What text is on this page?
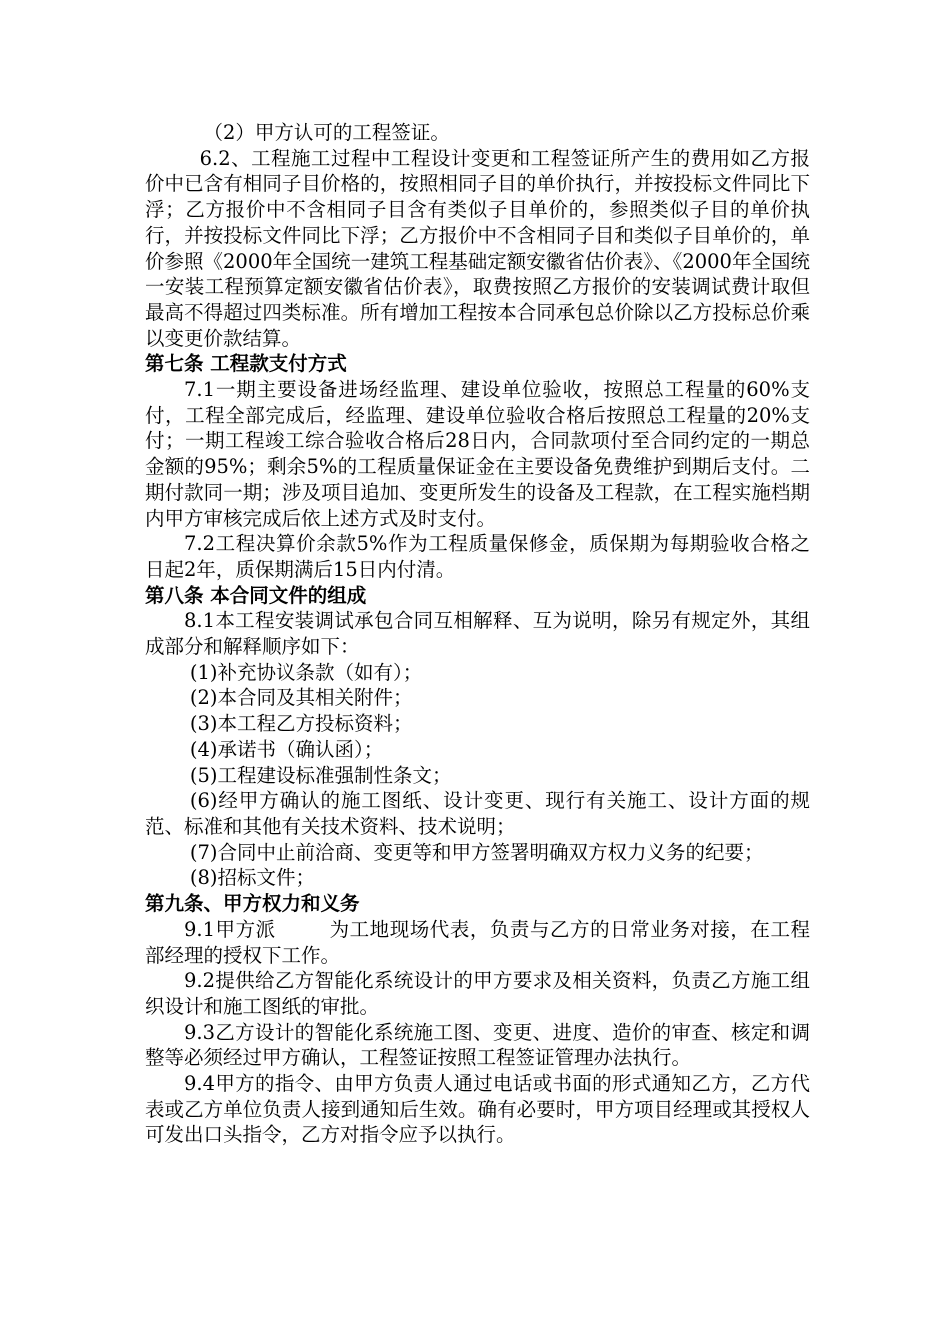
（2）甲方认可的工程签证。

6.2、工程施工过程中工程设计变更和工程签证所产生的费用如乙方报价中已含有相同子目价格的，按照相同子目的单价执行，并按投标文件同比下浮；乙方报价中不含相同子目含有类似子目单价的，参照类似子目的单价执行，并按投标文件同比下浮；乙方报价中不含相同子目和类似子目单价的，单价参照《2000年全国统一建筑工程基础定额安徽省估价表》、《2000年全国统一安装工程预算定额安徽省估价表》，取费按照乙方报价的安装调试费计取但最高不得超过四类标准。所有增加工程按本合同承包总价除以乙方投标总价乘以变更价款结算。

第七条 工程款支付方式

7.1一期主要设备进场经监理、建设单位验收，按照总工程量的60%支付，工程全部完成后，经监理、建设单位验收合格后按照总工程量的20%支付；一期工程竣工综合验收合格后28日内，合同款项付至合同约定的一期总金额的95%；剩余5%的工程质量保证金在主要设备免费维护到期后支付。二期付款同一期；涉及项目追加、变更所发生的设备及工程款，在工程实施档期内甲方审核完成后依上述方式及时支付。

7.2工程决算价余款5%作为工程质量保修金，质保期为每期验收合格之日起2年，质保期满后15日内付清。

第八条 本合同文件的组成

8.1本工程安装调试承包合同互相解释、互为说明，除另有规定外，其组成部分和解释顺序如下：

(1)补充协议条款（如有）；

(2)本合同及其相关附件；

(3)本工程乙方投标资料；

(4)承诺书（确认函）；

(5)工程建设标准强制性条文；

(6)经甲方确认的施工图纸、设计变更、现行有关施工、设计方面的规范、标准和其他有关技术资料、技术说明；

(7)合同中止前洽商、变更等和甲方签署明确双方权力义务的纪要；

(8)招标文件；

第九条、甲方权力和义务

9.1甲方派        为工地现场代表，负责与乙方的日常业务对接，在工程部经理的授权下工作。

9.2提供给乙方智能化系统设计的甲方要求及相关资料，负责乙方施工组织设计和施工图纸的审批。

9.3乙方设计的智能化系统施工图、变更、进度、造价的审查、核定和调整等必须经过甲方确认，工程签证按照工程签证管理办法执行。

9.4甲方的指令、由甲方负责人通过电话或书面的形式通知乙方，乙方代表或乙方单位负责人接到通知后生效。确有必要时，甲方项目经理或其授权人可发出口头指令，乙方对指令应予以执行。
